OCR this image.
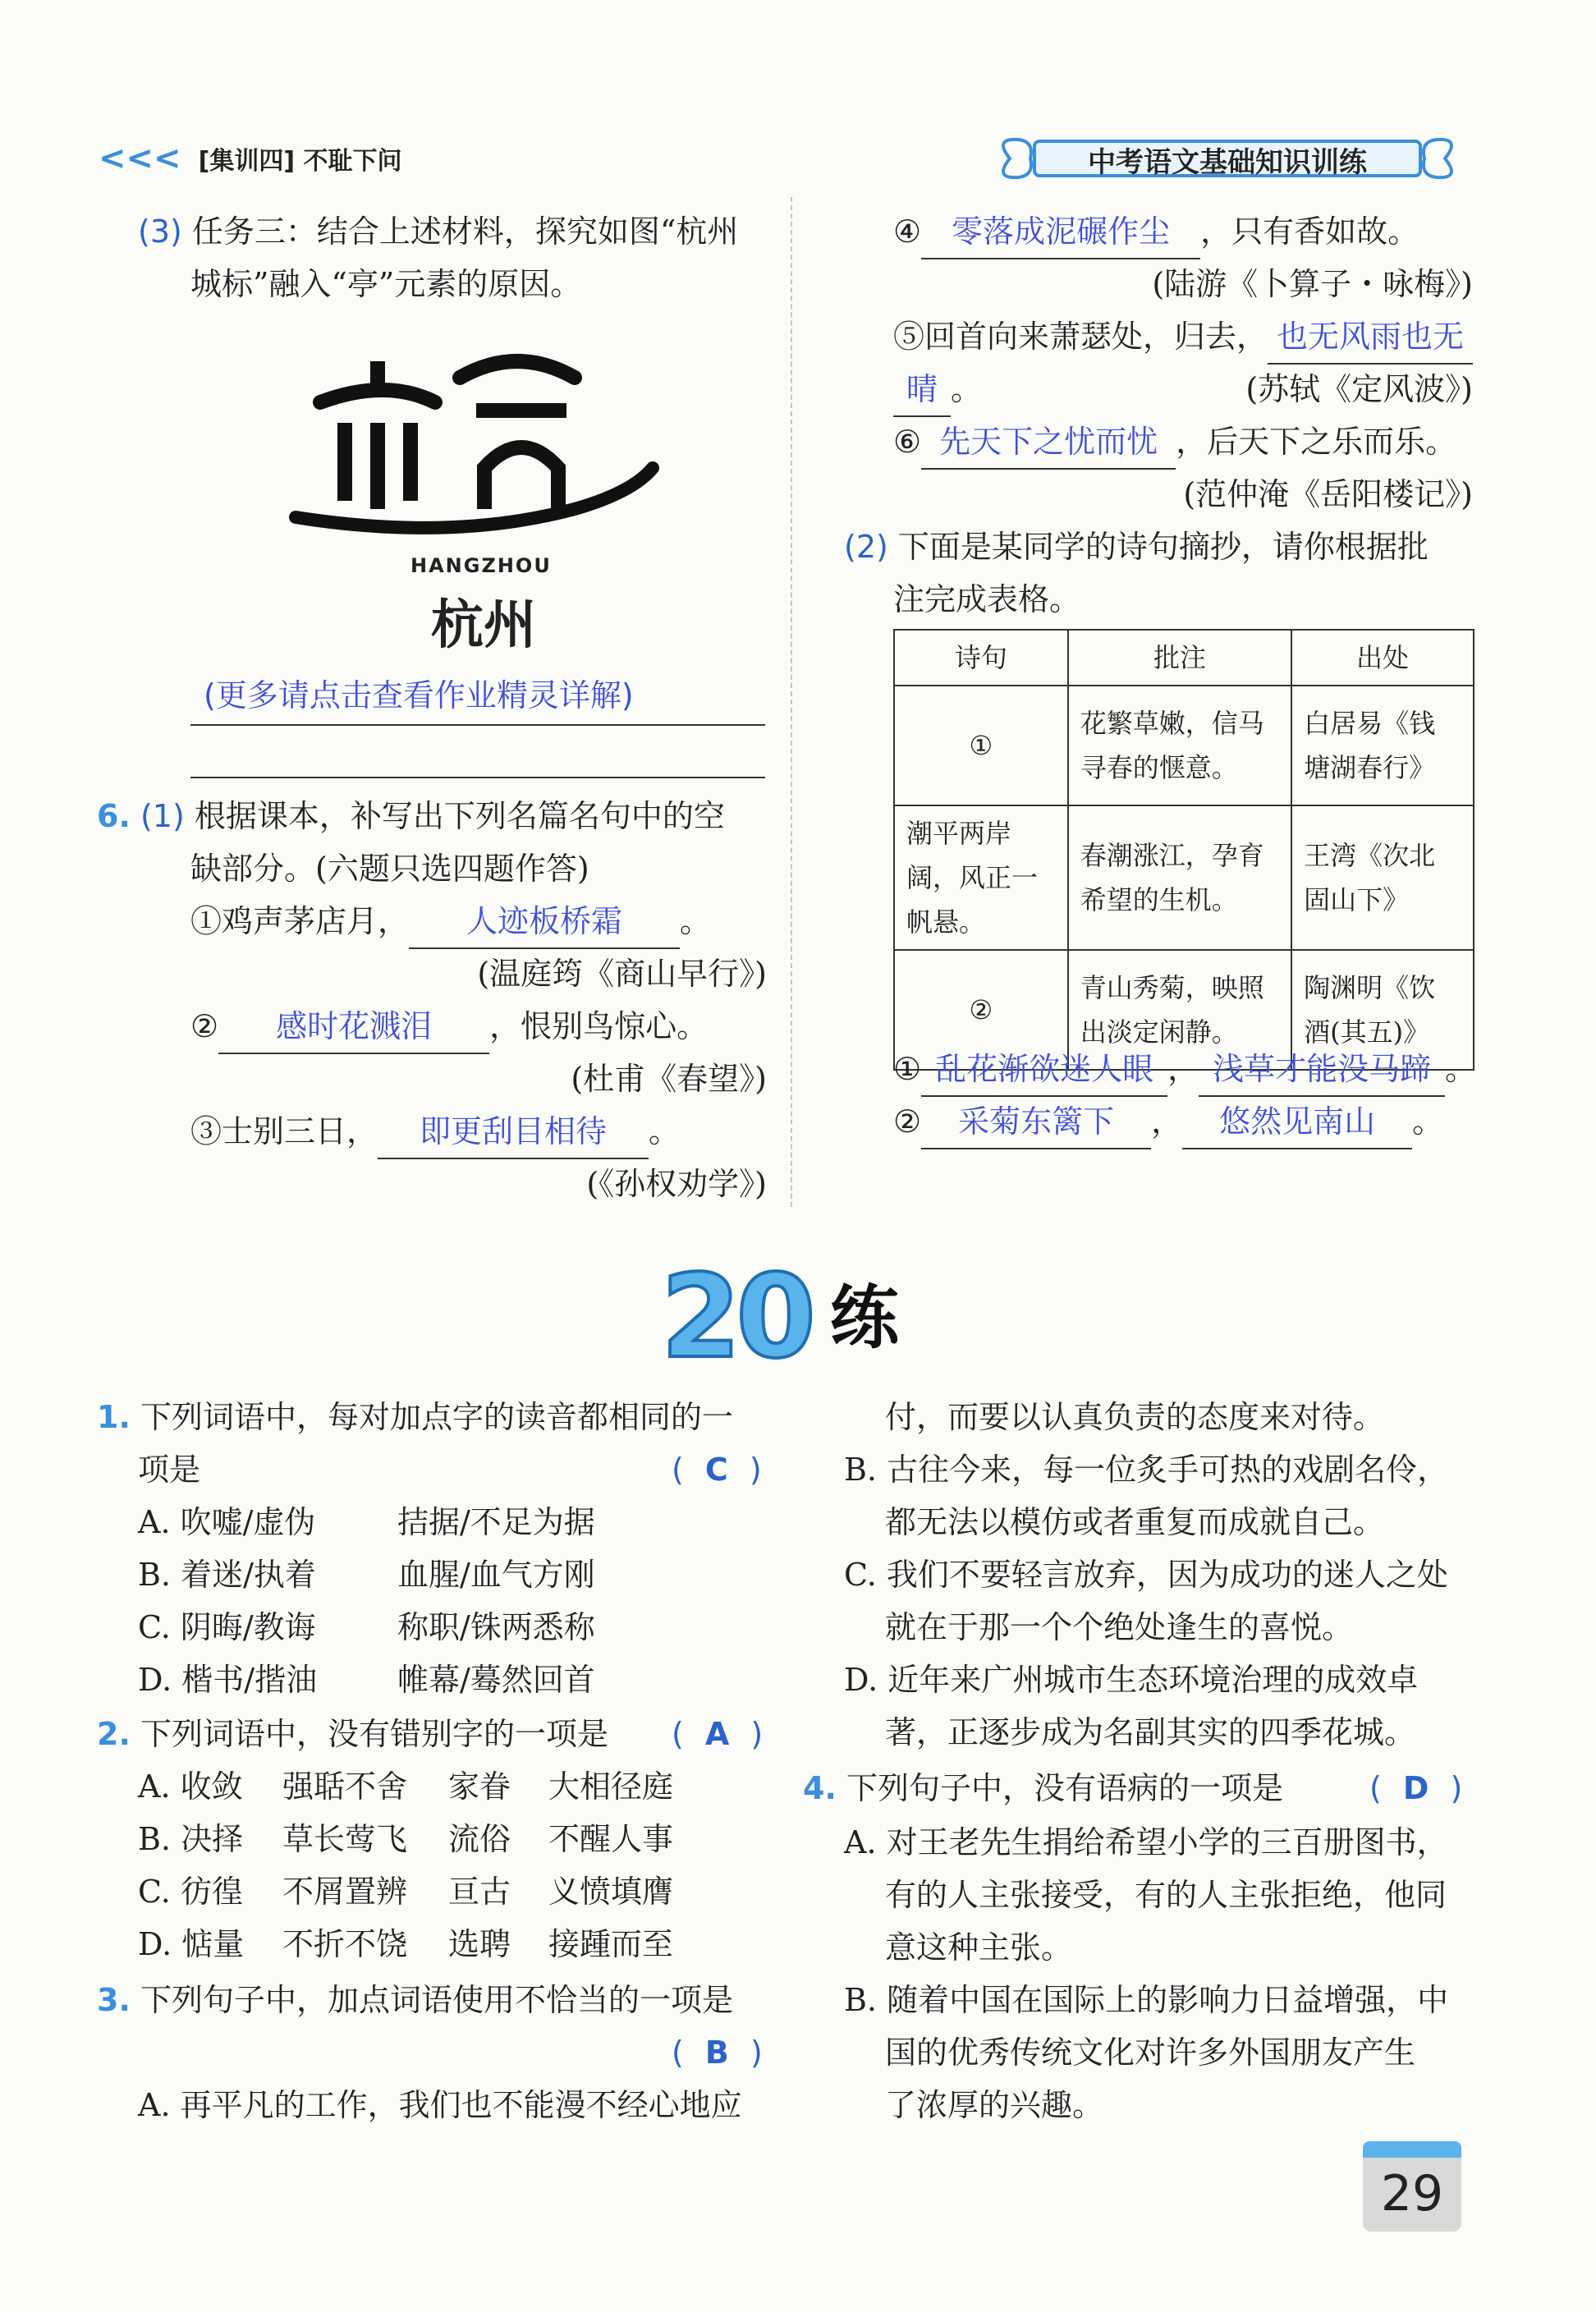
<<< [集训四] 不耻下问	中考语文基础知识训练
(3) 任务三：结合上述材料，探究如图“杭州
城标”融入“亭”元素的原因。
HANGZHOU
杭州
(更多请点击查看作业精灵详解)
6. (1) 根据课本，补写出下列名篇名句中的空
缺部分。(六题只选四题作答)
①鸡声茅店月， 人迹板桥霜 。
(温庭筠《商山早行》)
② 感时花溅泪 ，恨别鸟惊心。
(杜甫《春望》)
③士别三日， 即更刮目相待 。
(《孙权劝学》)
④ 零落成泥碾作尘 ，只有香如故。
(陆游《卜算子・咏梅》)
⑤回首向来萧瑟处，归去， 也无风雨也无
晴 。	(苏轼《定风波》)
⑥ 先天下之忧而忧 ，后天下之乐而乐。
(范仲淹《岳阳楼记》)
(2) 下面是某同学的诗句摘抄，请你根据批
注完成表格。
诗句	批注	出处
①	花繁草嫩，信马寻春的惬意。	白居易《钱塘湖春行》
潮平两岸阔，风正一帆悬。	春潮涨江，孕育希望的生机。	王湾《次北固山下》
②	青山秀菊，映照出淡定闲静。	陶渊明《饮酒(其五)》
① 乱花渐欲迷人眼 ， 浅草才能没马蹄 。
② 采菊东篱下 ， 悠然见南山 。
20 练
1. 下列词语中，每对加点字的读音都相同的一
项是	( C )
A. 吹嘘/虚伪	拮据/不足为据
B. 着迷/执着	血腥/血气方刚
C. 阴晦/教诲	称职/铢两悉称
D. 楷书/揩油	帷幕/蓦然回首
2. 下列词语中，没有错别字的一项是 ( A )
A. 收敛 强聒不舍 家眷 大相径庭
B. 决择 草长莺飞 流俗 不醒人事
C. 彷徨 不屑置辨 亘古 义愤填膺
D. 惦量 不折不饶 选聘 接踵而至
3. 下列句子中，加点词语使用不恰当的一项是
( B )
A. 再平凡的工作，我们也不能漫不经心地应
付，而要以认真负责的态度来对待。
B. 古往今来，每一位炙手可热的戏剧名伶，
都无法以模仿或者重复而成就自己。
C. 我们不要轻言放弃，因为成功的迷人之处
就在于那一个个绝处逢生的喜悦。
D. 近年来广州城市生态环境治理的成效卓
著，正逐步成为名副其实的四季花城。
4. 下列句子中，没有语病的一项是	( D )
A. 对王老先生捐给希望小学的三百册图书，
有的人主张接受，有的人主张拒绝，他同
意这种主张。
B. 随着中国在国际上的影响力日益增强，中
国的优秀传统文化对许多外国朋友产生
了浓厚的兴趣。
29
